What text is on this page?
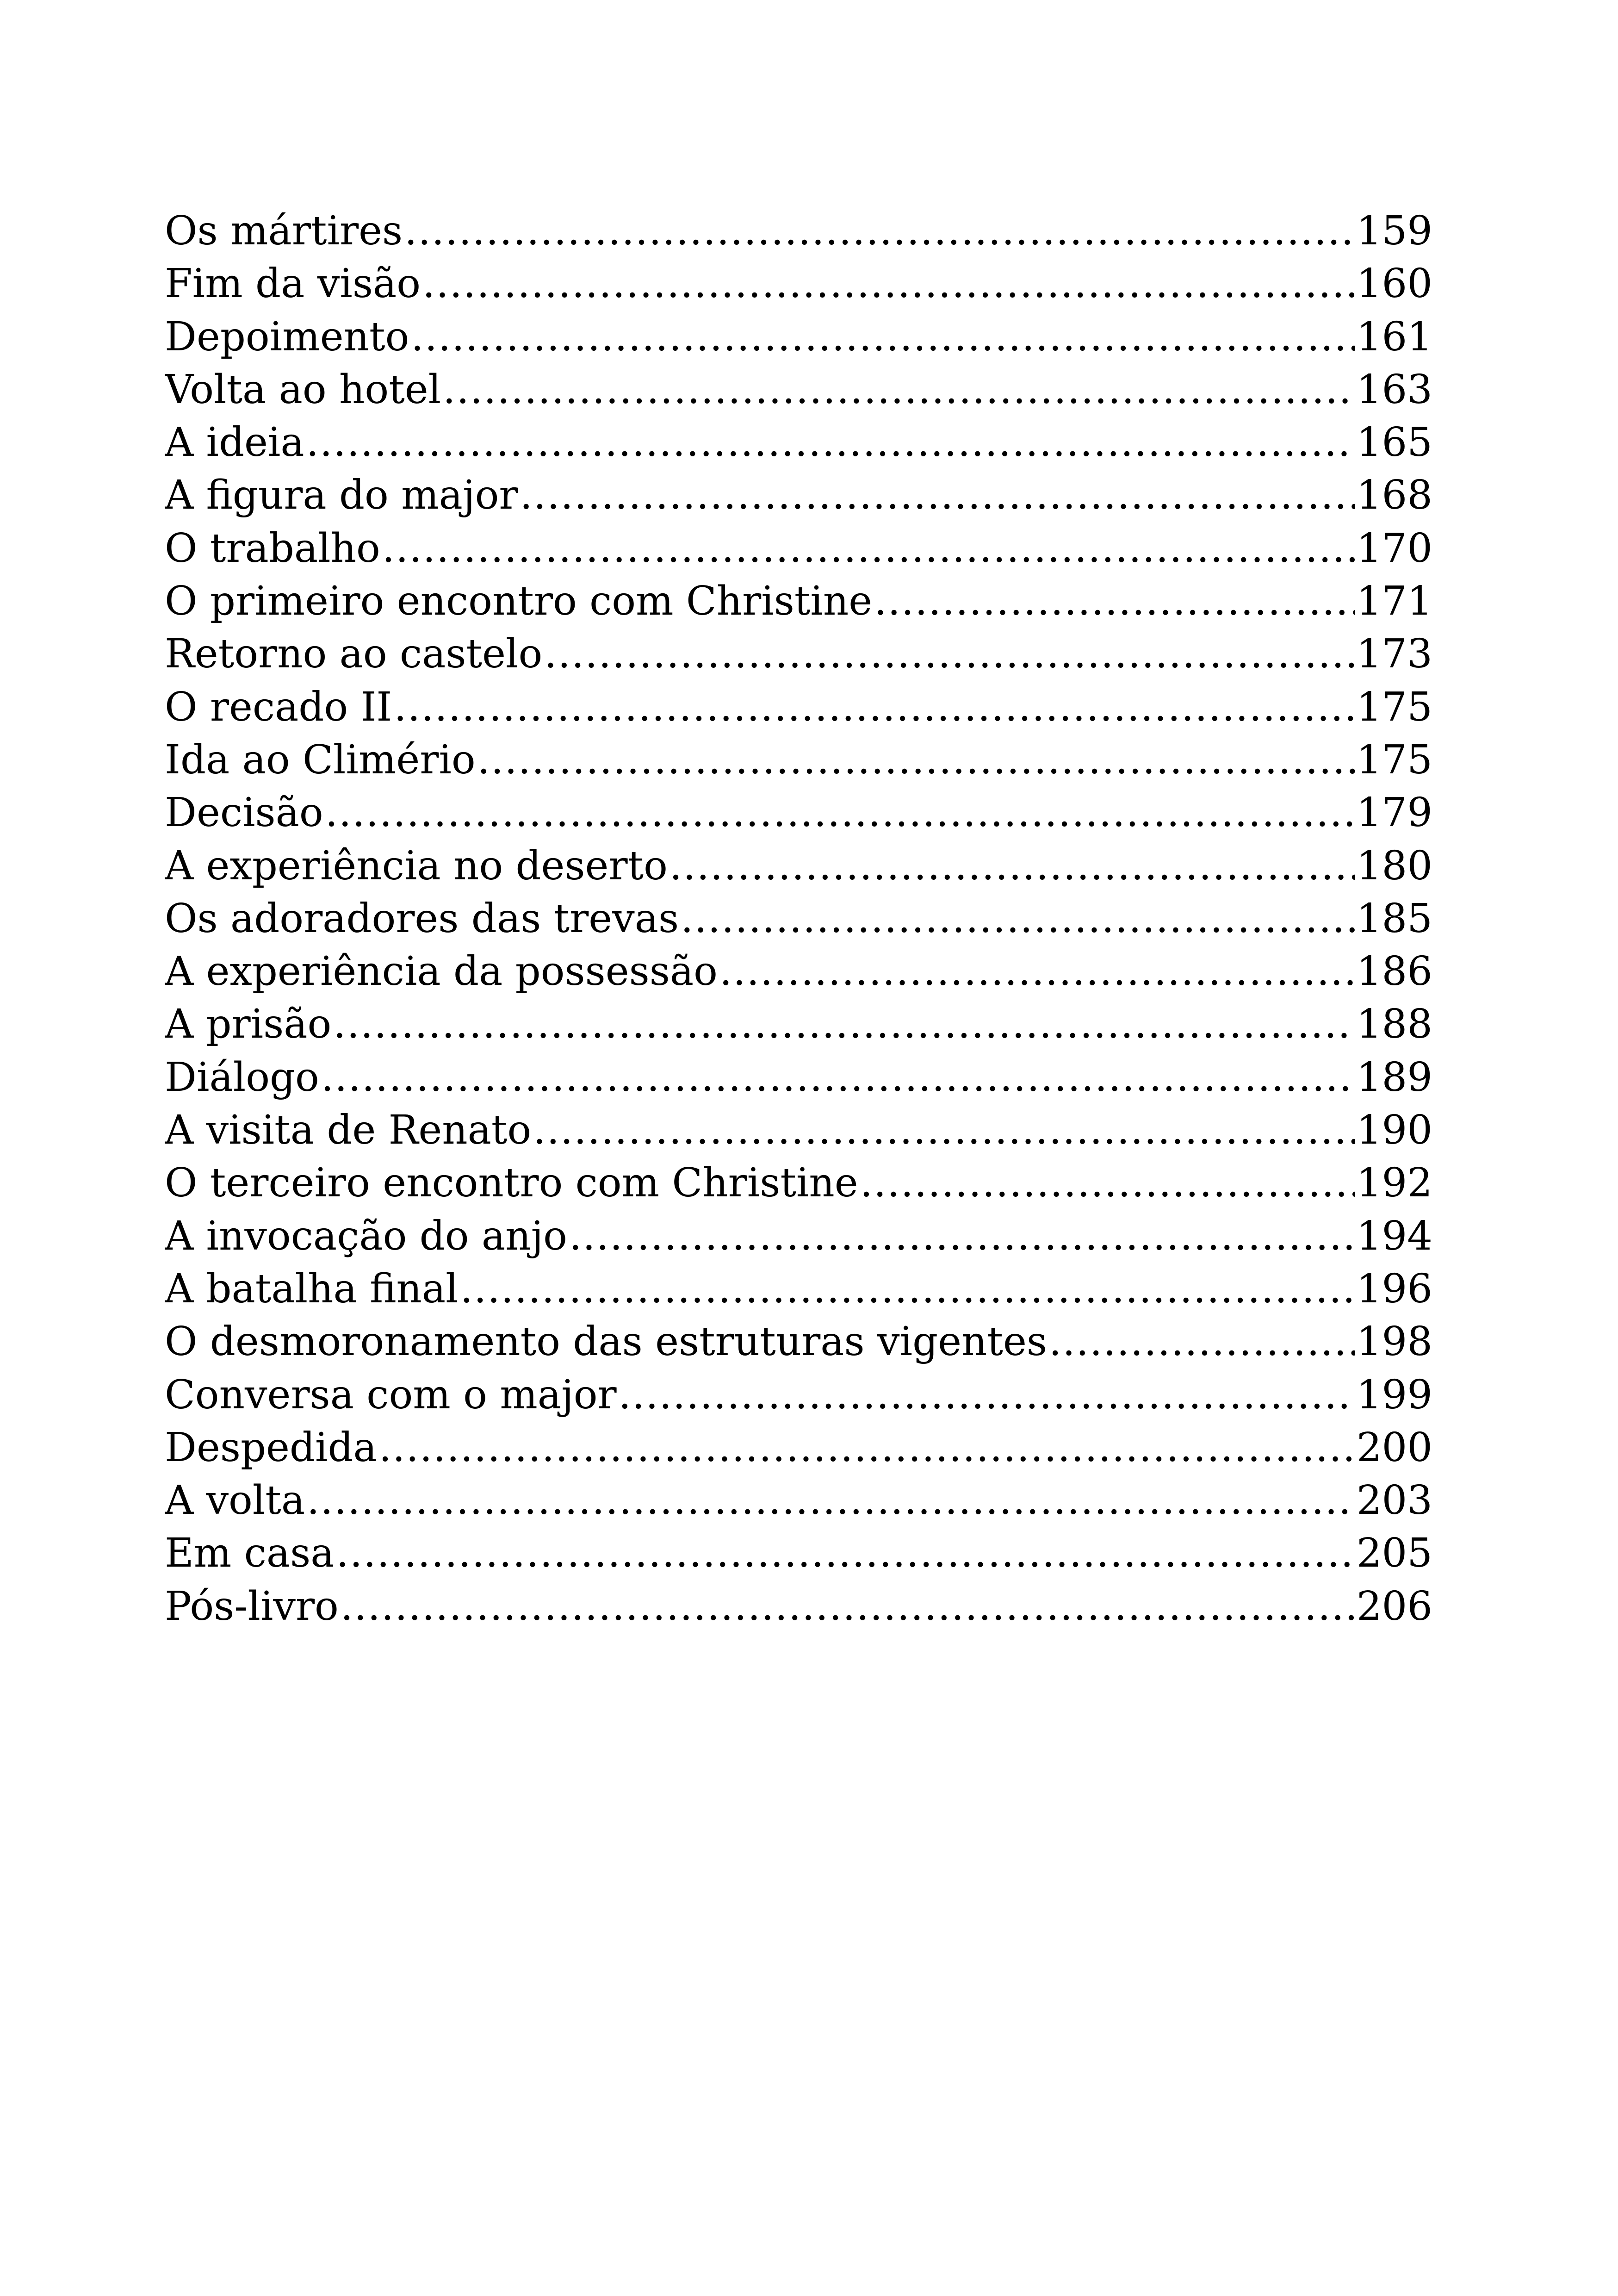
Os mártires .....	159
Fim da visão .....	160
Depoimento .....	161
Volta ao hotel .....	163
A ideia .....	165
A figura do major .....	168
O trabalho .....	170
O primeiro encontro com Christine .....	171
Retorno ao castelo .....	173
O recado II .....	175
Ida ao Climério .....	175
Decisão .....	179
A experiência no deserto .....	180
Os adoradores das trevas .....	185
A experiência da possessão .....	186
A prisão .....	188
Diálogo .....	189
A visita de Renato .....	190
O terceiro encontro com Christine .....	192
A invocação do anjo .....	194
A batalha final .....	196
O desmoronamento das estruturas vigentes .....	198
Conversa com o major .....	199
Despedida .....	200
A volta .....	203
Em casa .....	205
Pós-livro .....	206
